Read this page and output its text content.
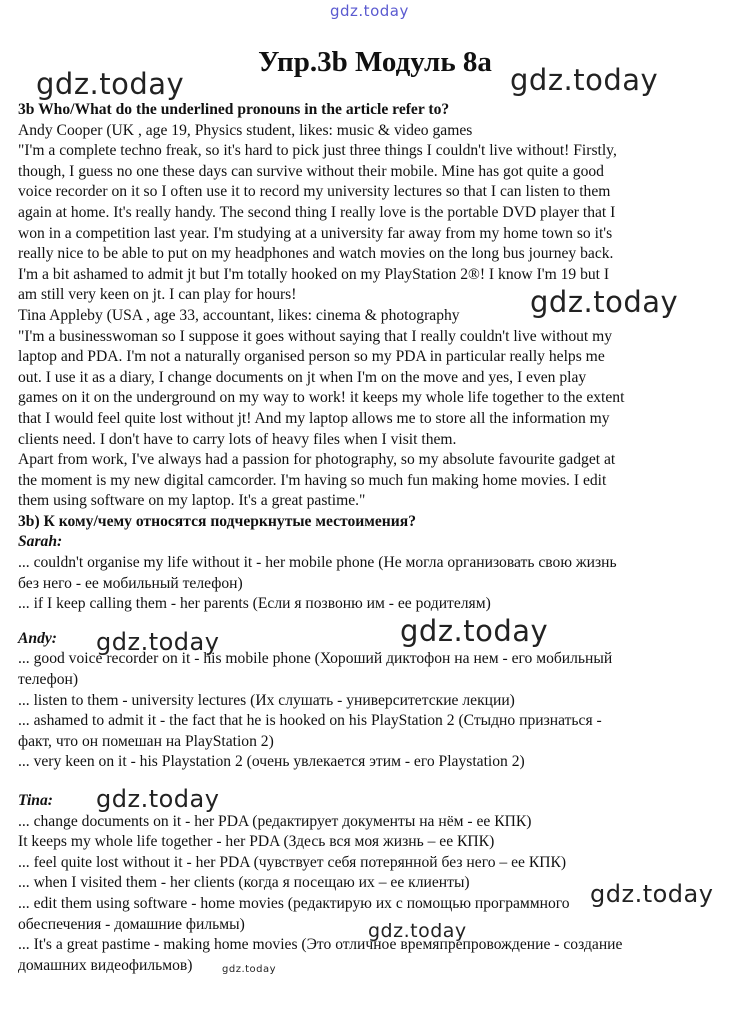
gdz.today
Упр.3b Модуль 8а

3b Who/What do the underlined pronouns in the article refer to?

Andy Cooper (UK , age 19, Physics student, likes: music & video games

"I'm a complete techno freak, so it's hard to pick just three things I couldn't live without! Firstly,

though, I guess no one these days can survive without their mobile. Mine has got quite a good

voice recorder on it so I often use it to record my university lectures so that I can listen to them

again at home. It's really handy. The second thing I really love is the portable DVD player that I

won in a competition last year. I'm studying at a university far away from my home town so it's

really nice to be able to put on my headphones and watch movies on the long bus journey back.

I'm a bit ashamed to admit jt but I'm totally hooked on my PlayStation 2®! I know I'm 19 but I

am still very keen on jt. I can play for hours!

Tina Appleby (USA , age 33, accountant, likes: cinema & photography

"I'm a businesswoman so I suppose it goes without saying that I really couldn't live without my

laptop and PDA. I'm not a naturally organised person so my PDA in particular really helps me

out. I use it as a diary, I change documents on jt when I'm on the move and yes, I even play

games on it on the underground on my way to work! it keeps my whole life together to the extent

that I would feel quite lost without jt! And my laptop allows me to store all the information my

clients need. I don't have to carry lots of heavy files when I visit them.

Apart from work, I've always had a passion for photography, so my absolute favourite gadget at

the moment is my new digital camcorder. I'm having so much fun making home movies. I edit

them using software on my laptop. It's a great pastime."

3b) К кому/чему относятся подчеркнутые местоимения?

Sarah:

... couldn't organise my life without it - her mobile phone (Не могла организовать свою жизнь

без него - ее мобильный телефон)

... if I keep calling them - her parents (Если я позвоню им - ее родителям)

Andy:

... good voice recorder on it - his mobile phone (Хороший диктофон на нем - его мобильный

телефон)

... listen to them - university lectures (Их слушать - университетские лекции)

... ashamed to admit it - the fact that he is hooked on his PlayStation 2 (Стыдно признаться -

факт, что он помешан на PlayStation 2)

... very keen on it - his Playstation 2 (очень увлекается этим - его Playstation 2)

Tina:

... change documents on it - her PDA (редактирует документы на нём - ее КПК)

It keeps my whole life together - her PDA (Здесь вся моя жизнь – ее КПК)

... feel quite lost without it - her PDA (чувствует себя потерянной без него – ее КПК)

... when I visited them - her clients (когда я посещаю их – ее клиенты)

... edit them using software - home movies (редактирую их с помощью программного

обеспечения - домашние фильмы)

... It's a great pastime - making home movies (Это отличное времяпрепровождение - создание

домашних видеофильмов)

gdz.today	gdz.today
gdz.today
gdz.today	gdz.today
gdz.today
gdz.today
gdz.today
gdz.today
